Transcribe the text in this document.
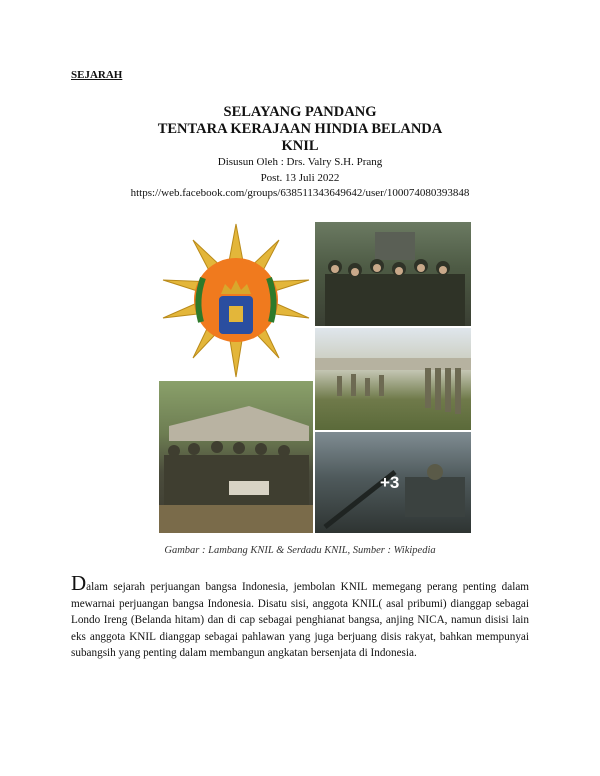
SEJARAH
SELAYANG PANDANG
TENTARA KERAJAAN HINDIA BELANDA
KNIL
Disusun Oleh : Drs. Valry S.H. Prang
Post. 13 Juli 2022
https://web.facebook.com/groups/638511343649642/user/100074080393848
+3
Gambar : Lambang KNIL & Serdadu KNIL, Sumber : Wikipedia
Dalam sejarah perjuangan bangsa Indonesia, jembolan KNIL memegang perang penting dalam mewarnai perjuangan bangsa Indonesia. Disatu sisi, anggota KNIL( asal pribumi) dianggap sebagai Londo Ireng (Belanda hitam) dan di cap sebagai penghianat bangsa, anjing NICA, namun disisi lain eks anggota KNIL dianggap sebagai pahlawan yang juga berjuang disis rakyat, bahkan mempunyai subangsih yang penting dalam membangun angkatan bersenjata di Indonesia.
